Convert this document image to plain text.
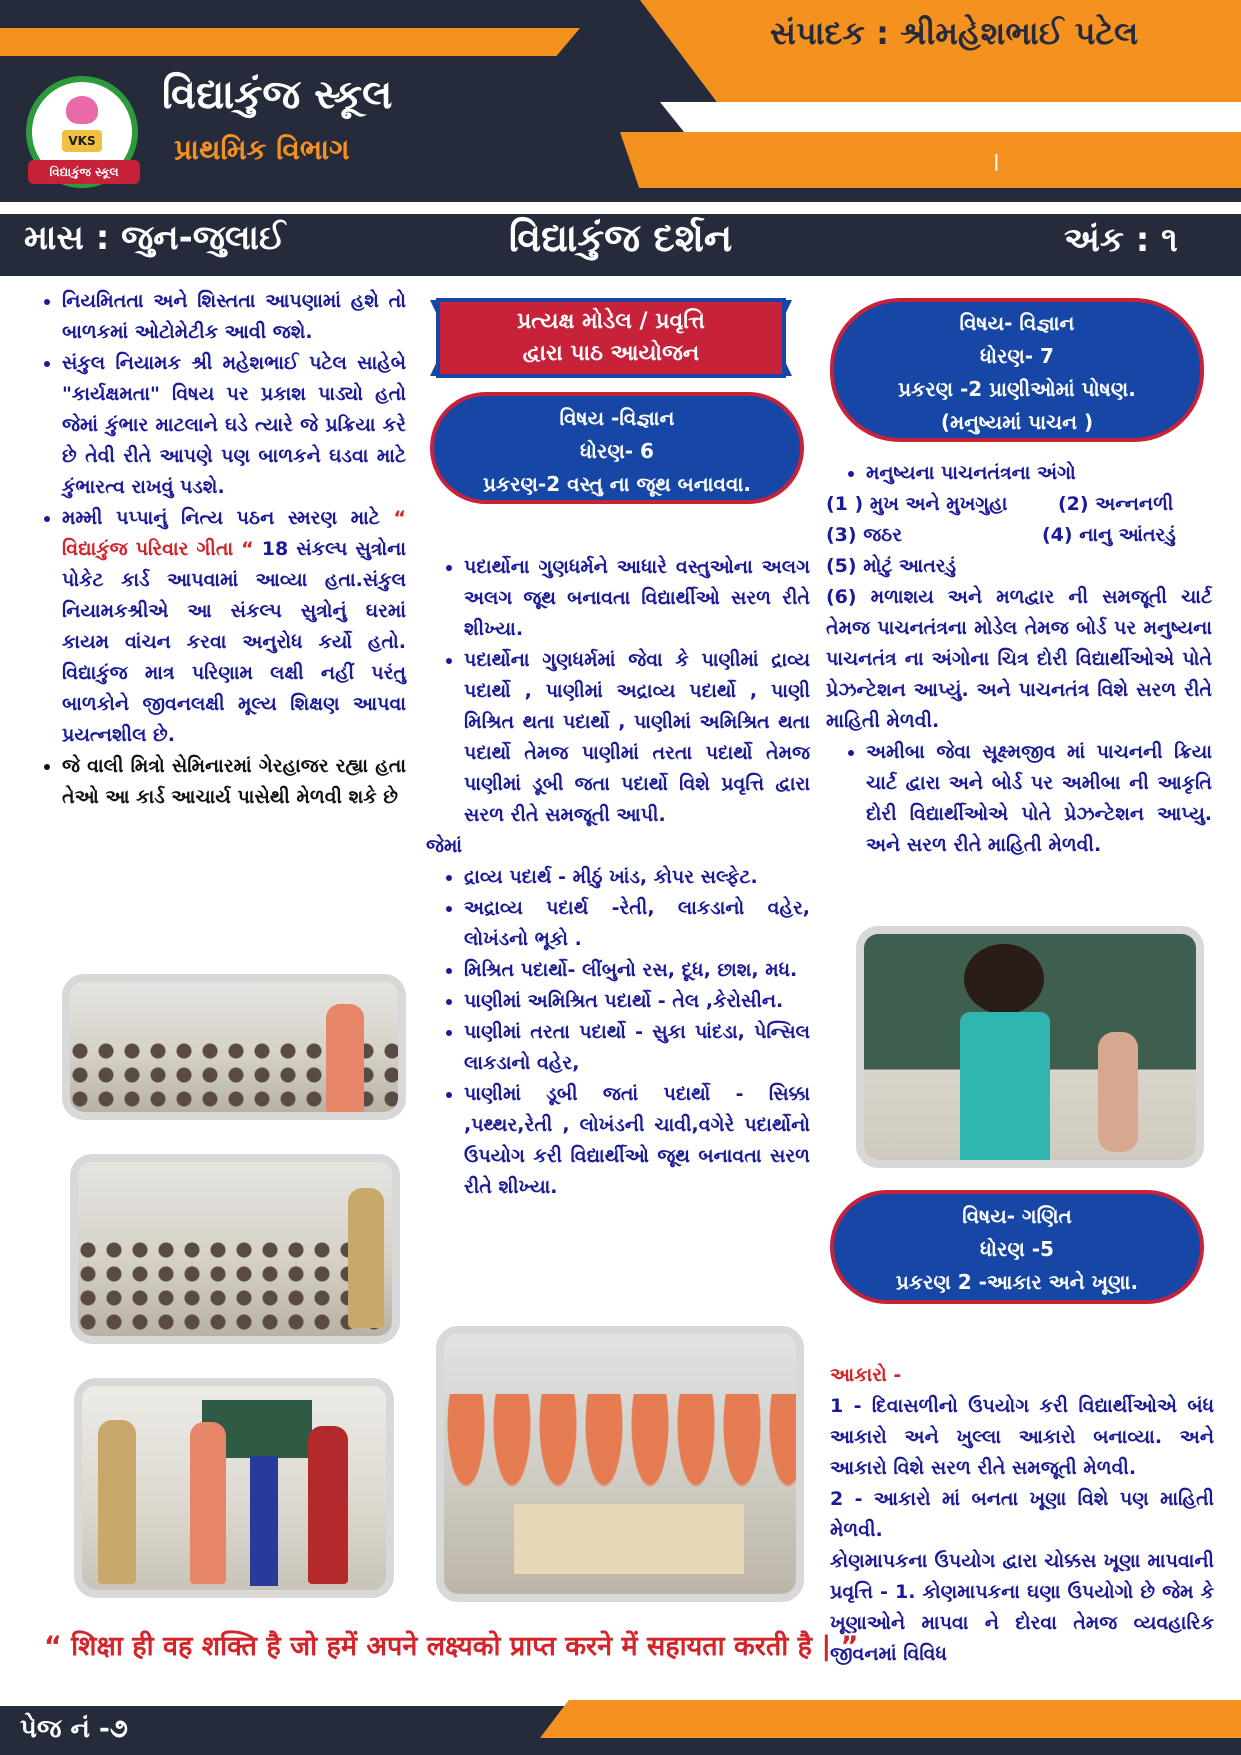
VKS
વિદ્યાકુંજ સ્કૂલ
વિદ્યાકુંજ સ્કૂલ
પ્રાથમિક વિભાગ
સંપાદક : શ્રીમહેશભાઈ પટેલ
સંકલન : આચાર્યા શ્રીમતી કિનાક્ષીબેન રાજ | એડીટીંગ : સુમિત પટેલ
માસ : જુન-જુલાઈ	વિદ્યાકુંજ દર્શન	અંક : ૧
• નિયમિતતા અને શિસ્તતા આપણામાં હશે તો બાળકમાં ઓટોમેટીક આવી જશે.
• સંકુલ નિયામક શ્રી મહેશભાઈ પટેલ સાહેબે "કાર્યક્ષમતા" વિષય પર પ્રકાશ પાડ્યો હતો જેમાં કુંભાર માટલાને ઘડે ત્યારે જે પ્રક્રિયા કરે છે તેવી રીતે આપણે પણ બાળકને ઘડવા માટે કુંભારત્વ રાખવું પડશે.
• મમ્મી પપ્પાનું નિત્ય પઠન સ્મરણ માટે “ વિદ્યાકુંજ પરિવાર ગીતા “ 18 સંકલ્પ સુત્રોના પોકેટ કાર્ડ આપવામાં આવ્યા હતા.સંકુલ નિયામકશ્રીએ આ સંકલ્પ સુત્રોનું ઘરમાં કાયમ વાંચન કરવા અનુરોધ કર્યો હતો. વિદ્યાકુંજ માત્ર પરિણામ લક્ષી નહીં પરંતુ બાળકોને જીવનલક્ષી મૂલ્ય શિક્ષણ આપવા પ્રયત્નશીલ છે.
• જે વાલી મિત્રો સેમિનારમાં ગેરહાજર રહ્યા હતા તેઓ આ કાર્ડ આચાર્ય પાસેથી મેળવી શકે છે
પ્રત્યક્ષ મોડેલ / પ્રવૃત્તિ
દ્વારા પાઠ આયોજન
વિષય -વિજ્ઞાન
ધોરણ- 6
પ્રકરણ-2 વસ્તુ ના જૂથ બનાવવા.
• પદાર્થોના ગુણધર્મને આધારે વસ્તુઓના અલગ અલગ જૂથ બનાવતા વિદ્યાર્થીઓ સરળ રીતે શીખ્યા.
• પદાર્થોના ગુણધર્મમાં જેવા કે પાણીમાં દ્રાવ્ય પદાર્થો , પાણીમાં અદ્રાવ્ય પદાર્થો , પાણી મિશ્રિત થતા પદાર્થો , પાણીમાં અમિશ્રિત થતા પદાર્થો તેમજ પાણીમાં તરતા પદાર્થો તેમજ પાણીમાં ડૂબી જતા પદાર્થો વિશે પ્રવૃત્તિ દ્વારા સરળ રીતે સમજૂતી આપી.
જેમાં
• દ્રાવ્ય પદાર્થ - મીઠું ખાંડ, કોપર સલ્ફેટ.
• અદ્રાવ્ય પદાર્થ -રેતી, લાકડાનો વહેર, લોખંડનો ભૂકો .
• મિશ્રિત પદાર્થો- લીંબુનો રસ, દૂધ, છાશ, મધ.
• પાણીમાં અમિશ્રિત પદાર્થો - તેલ ,કેરોસીન.
• પાણીમાં તરતા પદાર્થો - સુકા પાંદડા, પેન્સિલ લાકડાનો વહેર,
• પાણીમાં ડૂબી જતાં પદાર્થો - સિક્કા ,પથ્થર,રેતી , લોખંડની ચાવી,વગેરે પદાર્થોનો ઉપયોગ કરી વિદ્યાર્થીઓ જૂથ બનાવતા સરળ રીતે શીખ્યા.
વિષય- વિજ્ઞાન
ધોરણ- 7
પ્રકરણ -2 પ્રાણીઓમાં પોષણ.
(મનુષ્યમાં પાચન )
• મનુષ્યના પાચનતંત્રના અંગો
(1 ) મુખ અને મુખગુહા	(2) અન્નનળી
(3) જઠર	(4) નાનુ આંતરડું
(5) મોટું આતરડું
(6) મળાશય અને મળદ્વાર ની સમજૂતી ચાર્ટ તેમજ પાચનતંત્રના મોડેલ તેમજ બોર્ડ પર મનુષ્યના પાચનતંત્ર ના અંગોના ચિત્ર દોરી વિદ્યાર્થીઓએ પોતે પ્રેઝન્ટેશન આપ્યું. અને પાચનતંત્ર વિશે સરળ રીતે માહિતી મેળવી.
• અમીબા જેવા સૂક્ષ્મજીવ માં પાચનની ક્રિયા ચાર્ટ દ્વારા અને બોર્ડ પર અમીબા ની આકૃતિ દોરી વિદ્યાર્થીઓએ પોતે પ્રેઝન્ટેશન આપ્યુ. અને સરળ રીતે માહિતી મેળવી.
વિષય- ગણિત
ધોરણ -5
પ્રકરણ 2 -આકાર અને ખૂણા.
આકારો -
1 - દિવાસળીનો ઉપયોગ કરી વિદ્યાર્થીઓએ બંધ આકારો અને ખુલ્લા આકારો બનાવ્યા. અને આકારો વિશે સરળ રીતે સમજૂતી મેળવી.
2 - આકારો માં બનતા ખૂણા વિશે પણ માહિતી મેળવી.
કોણમાપકના ઉપયોગ દ્વારા ચોક્કસ ખૂણા માપવાની પ્રવૃત્તિ - 1. કોણમાપકના ઘણા ઉપયોગો છે જેમ કે ખૂણાઓને માપવા ને દોરવા તેમજ વ્યવહારિક જીવનમાં વિવિધ
“ शिक्षा ही वह शक्ति है जो हमें अपने लक्ष्यको प्राप्त करने में सहायता करती है | ”
પેજ નં -૭
